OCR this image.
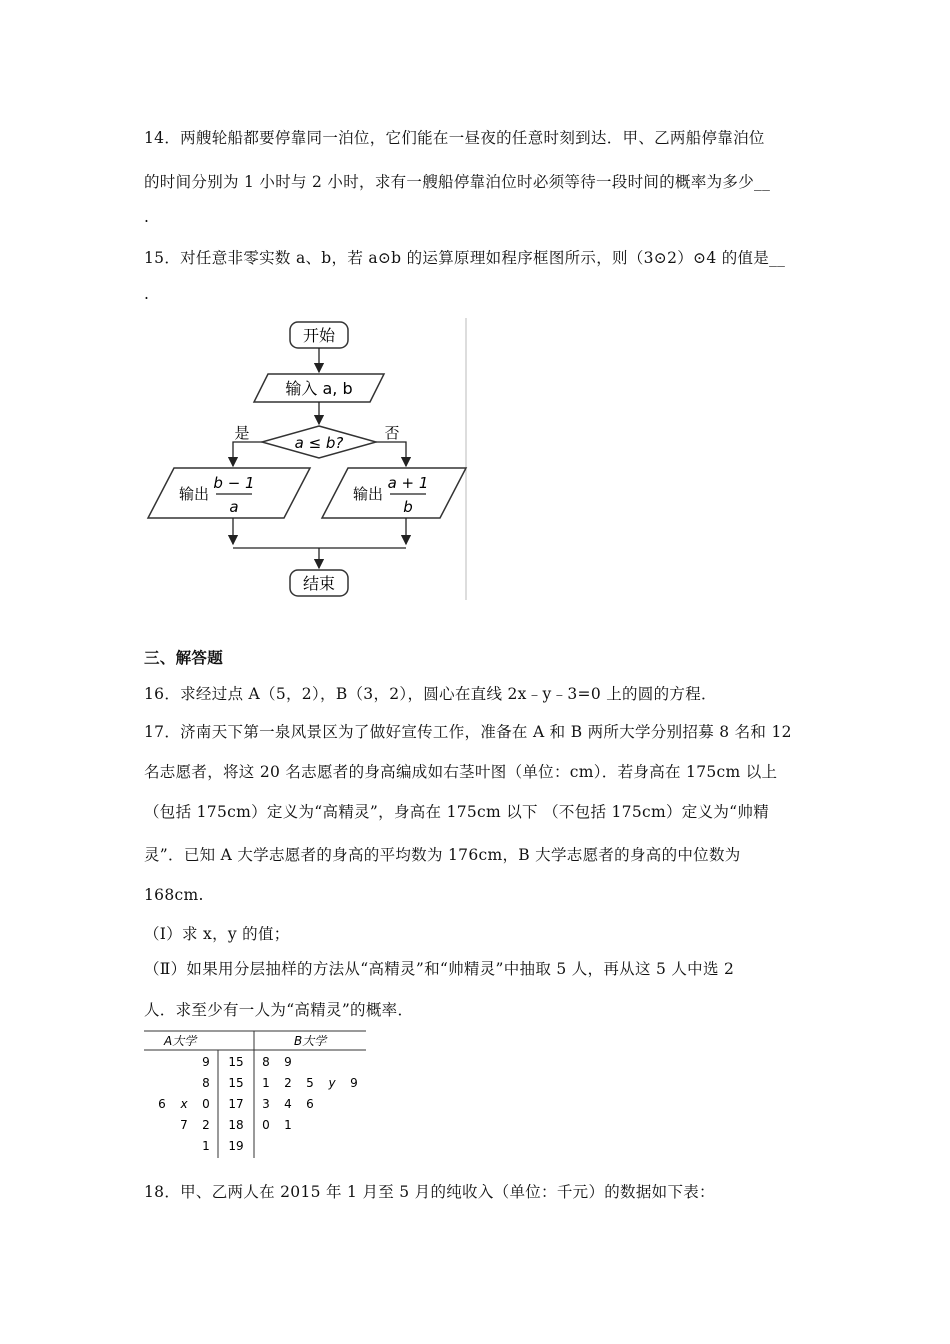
14．两艘轮船都要停靠同一泊位，它们能在一昼夜的任意时刻到达．甲、乙两船停靠泊位
的时间分别为 1 小时与 2 小时，求有一艘船停靠泊位时必须等待一段时间的概率为多少__
.
15．对任意非零实数 a、b，若 a⊙b 的运算原理如程序框图所示，则（3⊙2）⊙4 的值是__
.
开始
输入 a, b
a ≤ b?
是	否
输出
b − 1
a
输出
a + 1
b
结束
三、解答题
16．求经过点 A（5，2），B（3，2），圆心在直线 2x﹣y﹣3=0 上的圆的方程．
17．济南天下第一泉风景区为了做好宣传工作，准备在 A 和 B 两所大学分别招募 8 名和 12
名志愿者，将这 20 名志愿者的身高编成如右茎叶图（单位：cm）．若身高在 175cm 以上
（包括 175cm）定义为“高精灵”，身高在 175cm 以下 （不包括 175cm）定义为“帅精
灵”．已知 A 大学志愿者的身高的平均数为 176cm，B 大学志愿者的身高的中位数为
168cm.
（Ⅰ）求 x，y 的值；
（Ⅱ）如果用分层抽样的方法从“高精灵”和“帅精灵”中抽取 5 人，再从这 5 人中选 2
人．求至少有一人为“高精灵”的概率．
A大学	B大学
9 15 8 9
8 15 1 2 5 y 9
6 x 0 17 3 4 6
7 2 18 0 1
1 19
18．甲、乙两人在 2015 年 1 月至 5 月的纯收入（单位：千元）的数据如下表：
